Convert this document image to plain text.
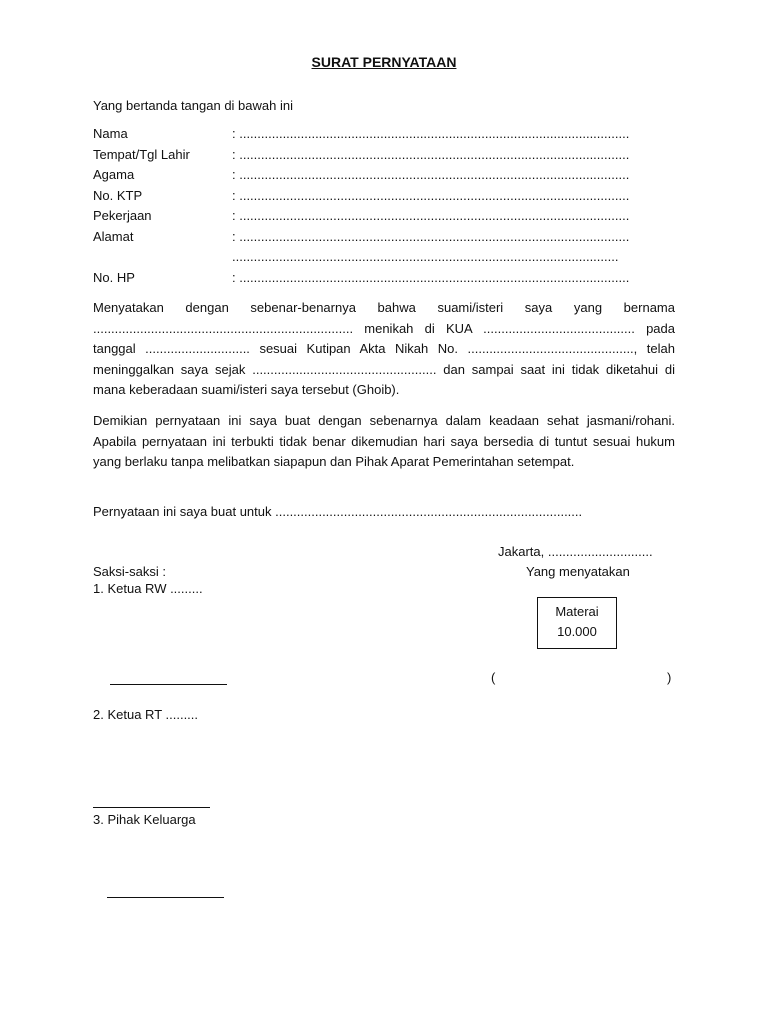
SURAT PERNYATAAN
Yang bertanda tangan di bawah ini
Nama	: ............................................................................................................
Tempat/Tgl Lahir	: ............................................................................................................
Agama	: ............................................................................................................
No. KTP	: ............................................................................................................
Pekerjaan	: ............................................................................................................
Alamat	: ............................................................................................................
...........................................................................................................
No. HP	: ............................................................................................................
Menyatakan dengan sebenar-benarnya bahwa suami/isteri saya yang bernama ........................................................................ menikah di KUA .......................................... pada tanggal ............................. sesuai Kutipan Akta Nikah No. .............................................., telah meninggalkan saya sejak ................................................... dan sampai saat ini tidak diketahui di mana keberadaan suami/isteri saya tersebut (Ghoib).
Demikian pernyataan ini saya buat dengan sebenarnya dalam keadaan sehat jasmani/rohani. Apabila pernyataan ini terbukti tidak benar dikemudian hari saya bersedia di tuntut sesuai hukum yang berlaku tanpa melibatkan siapapun dan Pihak Aparat Pemerintahan setempat.
Pernyataan ini saya buat untuk .....................................................................................
Jakarta, .............................
Saksi-saksi :	Yang menyatakan
1. Ketua RW .........
Materai
10.000
(	)
2. Ketua RT .........
3. Pihak Keluarga
